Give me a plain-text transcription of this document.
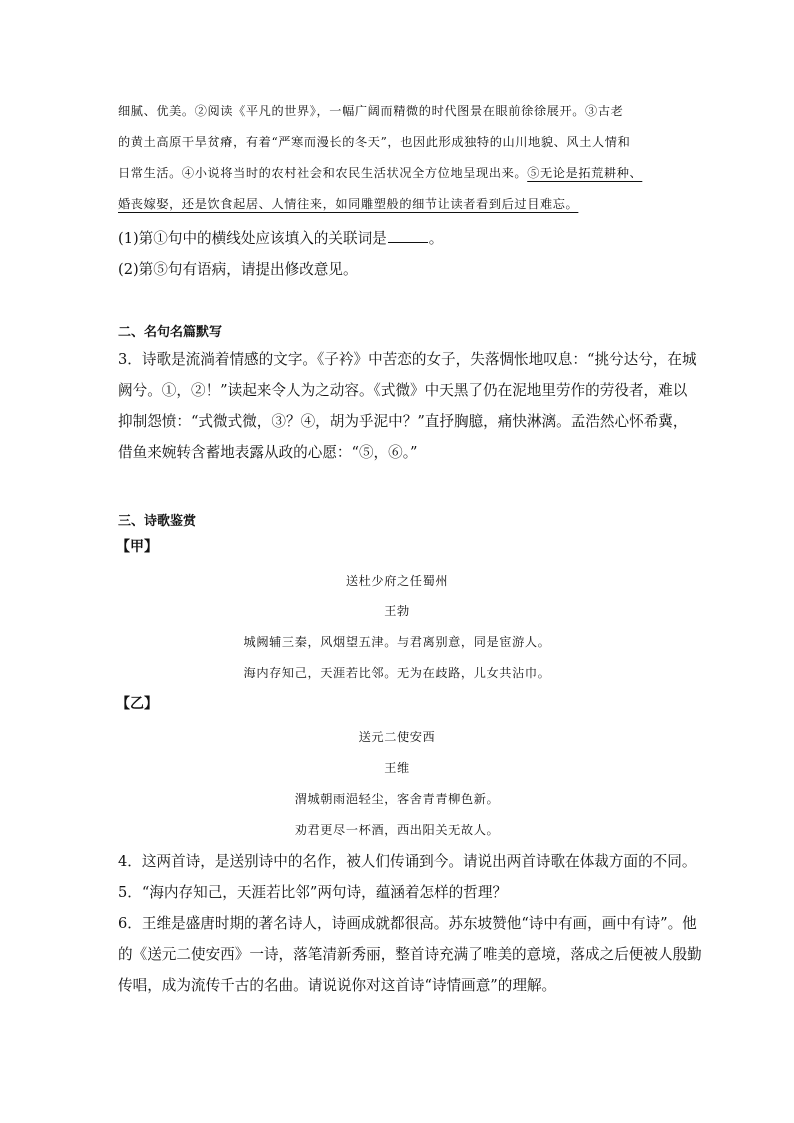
细腻、优美。②阅读《平凡的世界》，一幅广阔而精微的时代图景在眼前徐徐展开。③古老
的黄土高原干旱贫瘠，有着“严寒而漫长的冬天”，也因此形成独特的山川地貌、风土人情和
日常生活。④小说将当时的农村社会和农民生活状况全方位地呈现出来。⑤无论是拓荒耕种、
婚丧嫁娶，还是饮食起居、人情往来，如同雕塑般的细节让读者看到后过目难忘。
(1)第①句中的横线处应该填入的关联词是	。
(2)第⑤句有语病，请提出修改意见。
二、名句名篇默写
3．诗歌是流淌着情感的文字。《子衿》中苦恋的女子，失落惆怅地叹息：“挑兮达兮，在城
阙兮。①，②！”读起来令人为之动容。《式微》中天黑了仍在泥地里劳作的劳役者，难以
抑制怨愤：“式微式微，③？④，胡为乎泥中？”直抒胸臆，痛快淋漓。孟浩然心怀希冀，
借鱼来婉转含蓄地表露从政的心愿：“⑤，⑥。”
三、诗歌鉴赏
【甲】
送杜少府之任蜀州
王勃
城阙辅三秦，风烟望五津。与君离别意，同是宦游人。
海内存知己，天涯若比邻。无为在歧路，儿女共沾巾。
【乙】
送元二使安西
王维
渭城朝雨浥轻尘，客舍青青柳色新。
劝君更尽一杯酒，西出阳关无故人。
4．这两首诗，是送别诗中的名作，被人们传诵到今。请说出两首诗歌在体裁方面的不同。
5．“海内存知己，天涯若比邻”两句诗，蕴涵着怎样的哲理？
6．王维是盛唐时期的著名诗人，诗画成就都很高。苏东坡赞他“诗中有画，画中有诗”。他
的《送元二使安西》一诗，落笔清新秀丽，整首诗充满了唯美的意境，落成之后便被人殷勤
传唱，成为流传千古的名曲。请说说你对这首诗“诗情画意”的理解。
